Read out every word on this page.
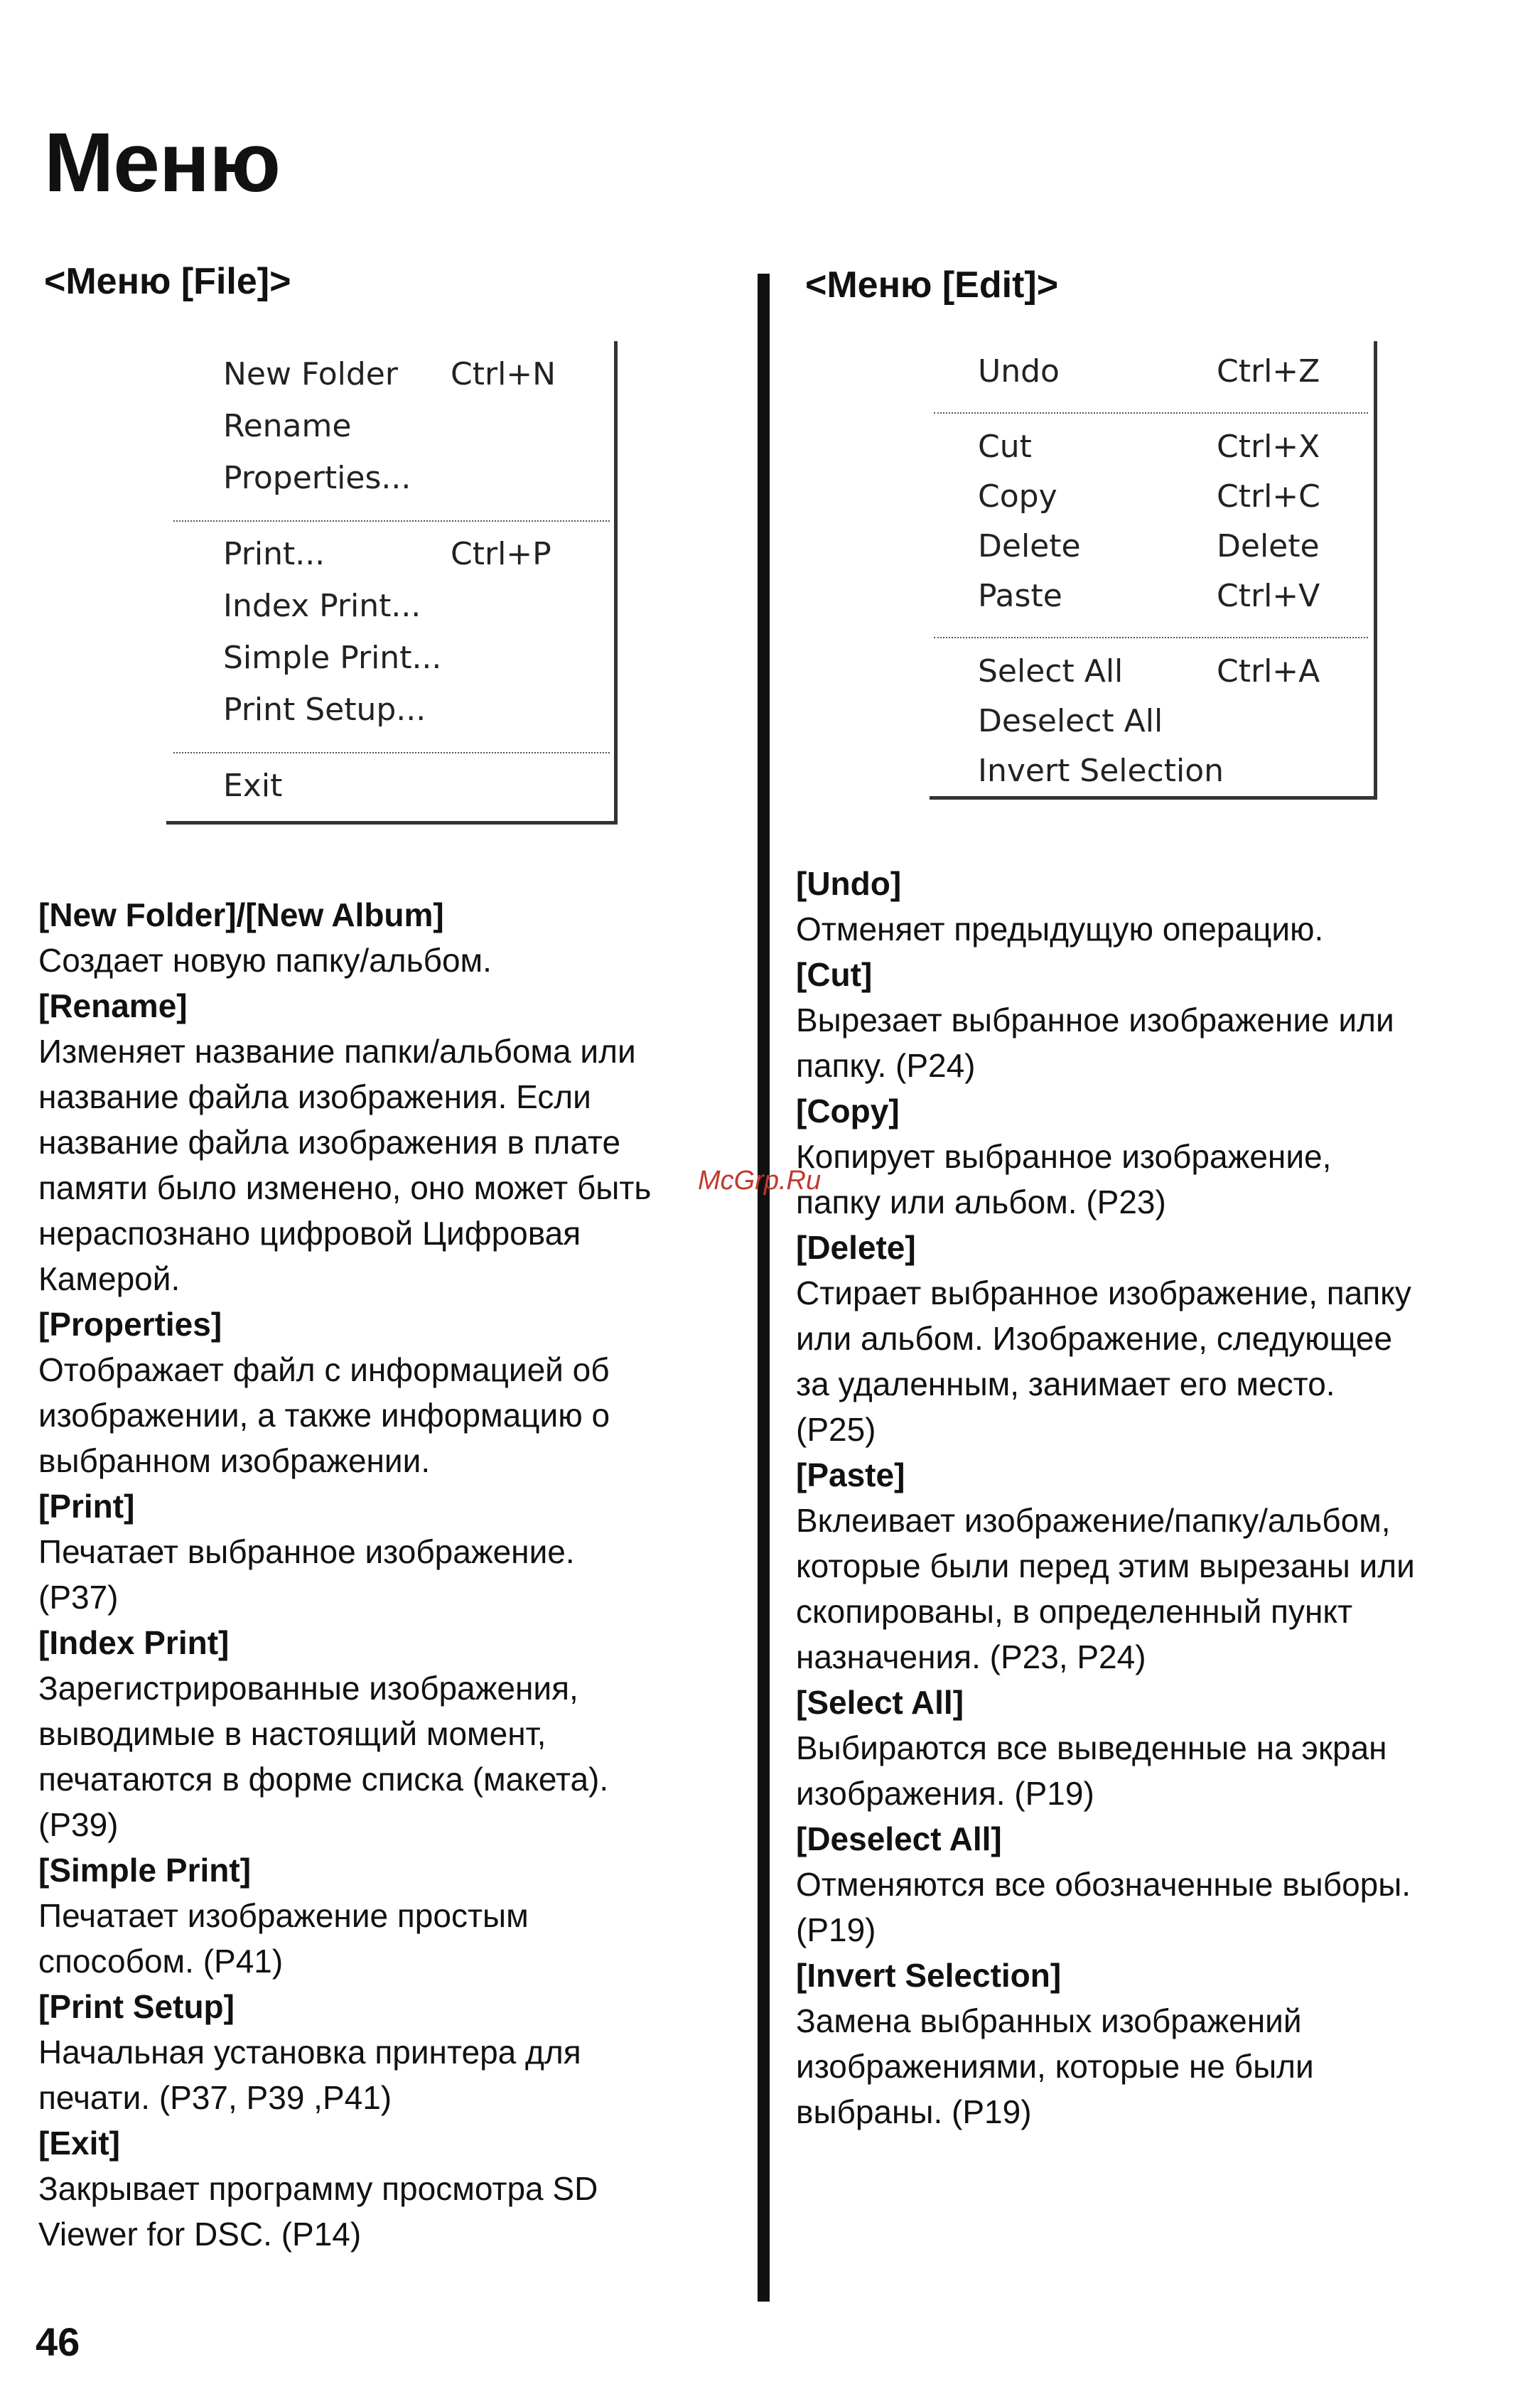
Меню
<Меню [File]>	<Меню [Edit]>
New Folder Ctrl+N
Rename
Properties...
Print...	Ctrl+P
Index Print...
Simple Print...
Print Setup...
Exit
Undo	Ctrl+Z
Cut	Ctrl+X
Copy	Ctrl+C
Delete	Delete
Paste	Ctrl+V
Select All	Ctrl+A
Deselect All
Invert Selection

[New Folder]/[New Album]

Создает новую папку/альбом.

[Rename]

Изменяет название папки/альбома или

название файла изображения. Если

название файла изображения в плате

памяти было изменено, оно может быть

нераспознано цифровой Цифровая

Камерой.

[Properties]

Отображает файл с информацией об

изображении, а также информацию о

выбранном изображении.

[Print]

Печатает выбранное изображение.

(P37)

[Index Print]

Зарегистрированные изображения,

выводимые в настоящий момент,

печатаются в форме списка (макета).

(P39)

[Simple Print]

Печатает изображение простым

способом. (P41)

[Print Setup]

Начальная установка принтера для

печати. (P37, P39 ,P41)

[Exit]

Закрывает программу просмотра SD

Viewer for DSC. (P14)

[Undo]

Отменяет предыдущую операцию.

[Cut]

Вырезает выбранное изображение или

папку. (P24)

[Copy]

Копирует выбранное изображение,

папку или альбом. (P23)

[Delete]

Стирает выбранное изображение, папку

или альбом. Изображение, следующее

за удаленным, занимает его место.

(P25)

[Paste]

Вклеивает изображение/папку/альбом,

которые были перед этим вырезаны или

скопированы, в определенный пункт

назначения. (P23, P24)

[Select All]

Выбираются все выведенные на экран

изображения. (P19)

[Deselect All]

Отменяются все обозначенные выборы.

(P19)

[Invert Selection]

Замена выбранных изображений

изображениями, которые не были

выбраны. (P19)

McGrp.Ru
46
